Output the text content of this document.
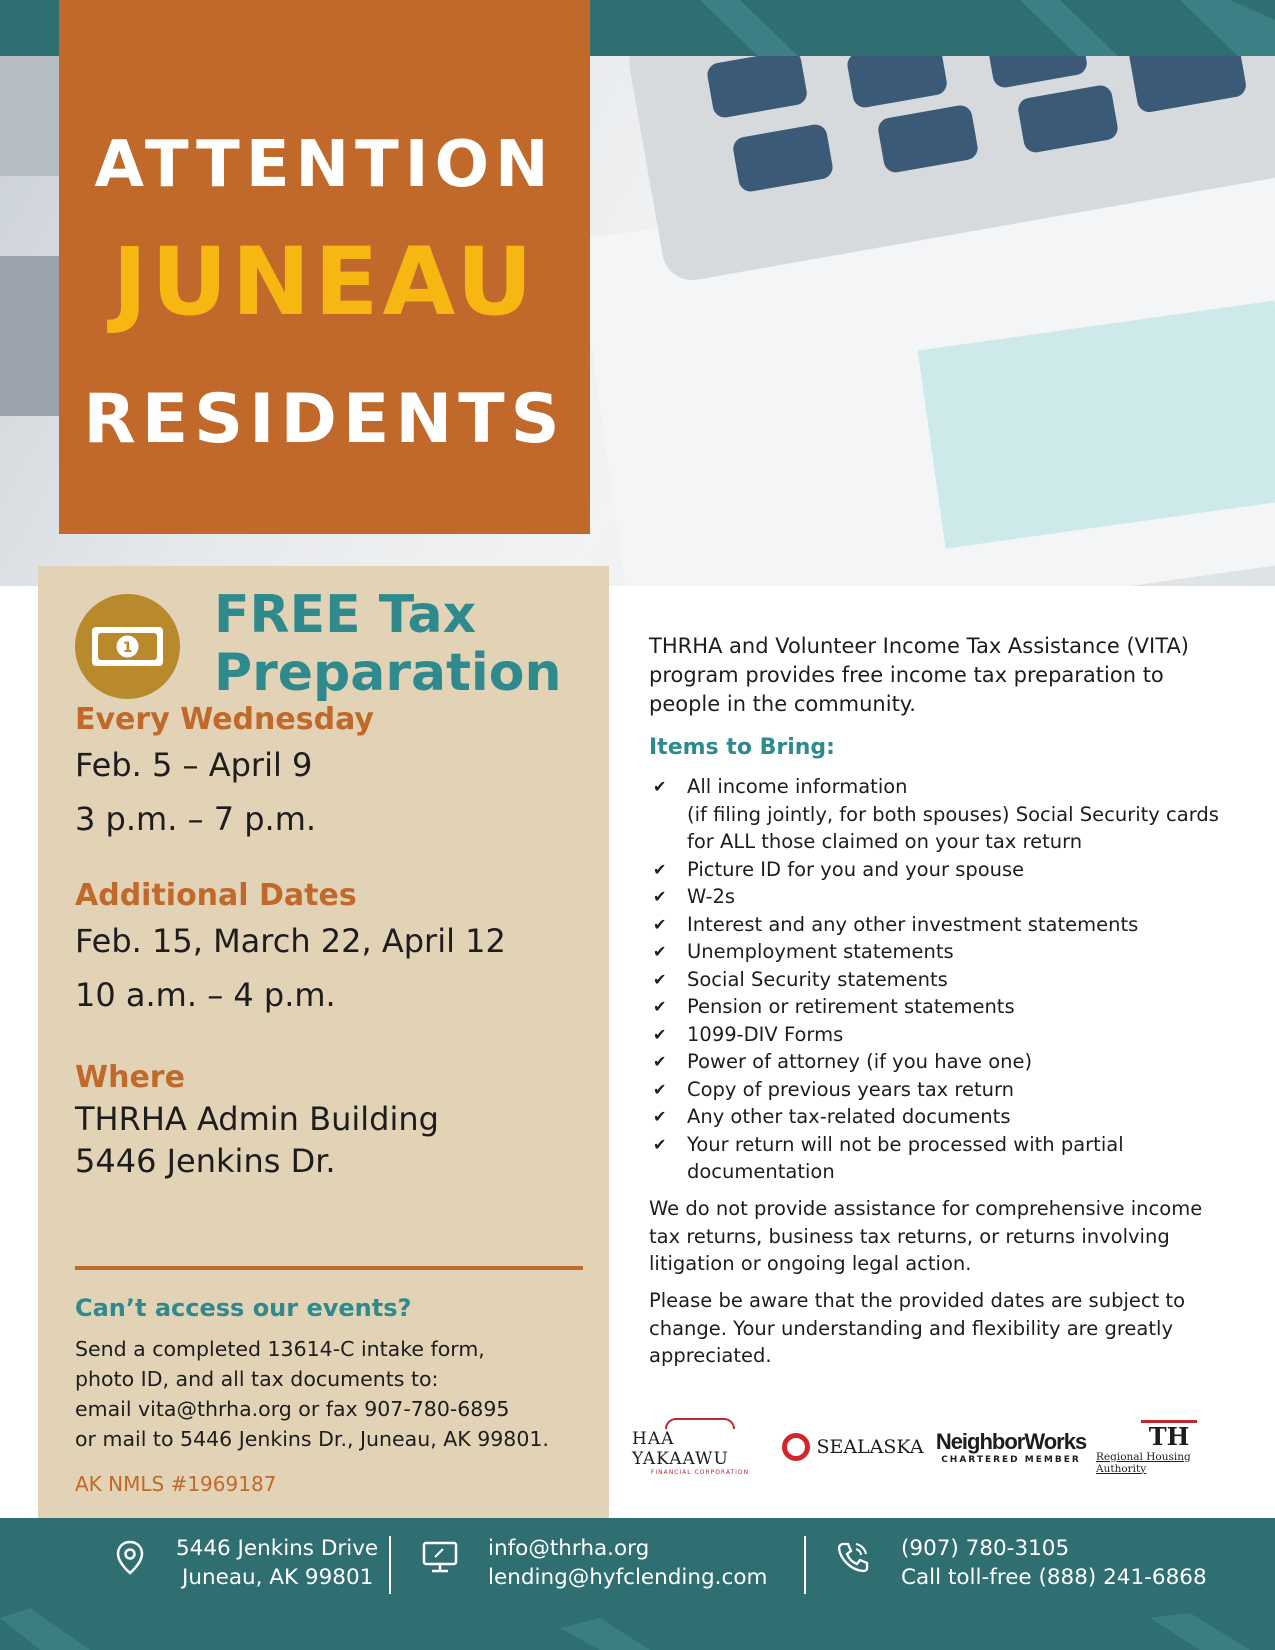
ATTENTION
JUNEAU
RESIDENTS
1
FREE Tax
Preparation
Every Wednesday
Feb. 5 – April 9
3 p.m. – 7 p.m.
Additional Dates
Feb. 15, March 22, April 12
10 a.m. – 4 p.m.
Where
THRHA Admin Building
5446 Jenkins Dr.
Can’t access our events?
Send a completed 13614-C intake form,
photo ID, and all tax documents to:
email vita@thrha.org or fax 907-780-6895
or mail to 5446 Jenkins Dr., Juneau, AK 99801.
AK NMLS #1969187
THRHA and Volunteer Income Tax Assistance (VITA) program provides free income tax preparation to people in the community.
Items to Bring:
✔ All income information
(if filing jointly, for both spouses) Social Security cards for ALL those claimed on your tax return
✔ Picture ID for you and your spouse
✔ W-2s
✔ Interest and any other investment statements
✔ Unemployment statements
✔ Social Security statements
✔ Pension or retirement statements
✔ 1099-DIV Forms
✔ Power of attorney (if you have one)
✔ Copy of previous years tax return
✔ Any other tax-related documents
✔ Your return will not be processed with partial documentation
We do not provide assistance for comprehensive income tax returns, business tax returns, or returns involving litigation or ongoing legal action.
Please be aware that the provided dates are subject to change. Your understanding and flexibility are greatly appreciated.
HAA YAKAAWU
FINANCIAL CORPORATION
SEALASKA NeighborWorks
CHARTERED MEMBER
TH
Regional Housing Authority
5446 Jenkins Drive
Juneau, AK 99801
info@thrha.org
lending@hyfclending.com
(907) 780-3105
Call toll-free (888) 241-6868
